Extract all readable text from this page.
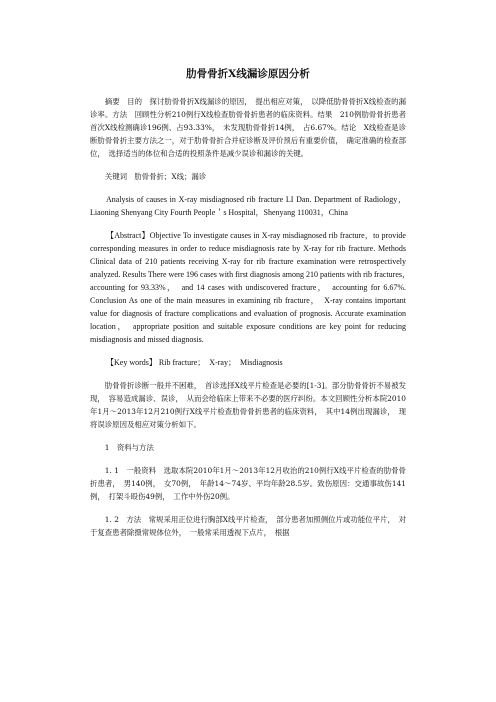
肋骨骨折X线漏诊原因分析

摘要　目的　探讨肋骨骨折X线漏诊的原因，　提出相应对策，　以降低肋骨骨折X线检查的漏诊率。方法　回顾性分析210例行X线检查肋骨骨折患者的临床资料。结果　210例肋骨骨折患者首次X线检测确诊196例、占93.33%，　未发现肋骨骨折14例，　占6.67%。结论　X线检查是诊断肋骨骨折主要方法之一，对于肋骨骨折合并症诊断及评价预后有重要价值，　确定准确的检查部位，　选择适当的体位和合适的投照条件是减少误诊和漏诊的关键。

关键词　肋骨骨折；X线；漏诊

Analysis of causes in X-ray misdiagnosed rib fracture LI Dan. Department of Radiology，Liaoning Shenyang City Fourth People＇s Hospital，Shenyang 110031，China

【Abstract】Objective To investigate causes in X-ray misdiagnosed rib fracture，to provide corresponding measures in order to reduce misdiagnosis rate by X-ray for rib fracture. Methods Clinical data of 210 patients receiving X-ray for rib fracture examination were retrospectively analyzed. Results There were 196 cases with first diagnosis among 210 patients with rib fractures，　accounting for 93.33%，　and 14 cases with undiscovered fracture，　accounting for 6.67%. Conclusion As one of the main measures in examining rib fracture，　X-ray contains important value for diagnosis of fracture complications and evaluation of prognosis. Accurate examination location，　appropriate position and suitable exposure conditions are key point for reducing misdiagnosis and missed diagnosis.

【Key words】 Rib fracture；　X-ray；　Misdiagnosis

肋骨骨折诊断一般并不困难，　首诊选择X线平片检查是必要的[1-3]。部分肋骨骨折不易被发现，　容易造成漏诊、误诊，　从而会给临床上带来不必要的医疗纠纷。本文回顾性分析本院2010年1月～2013年12月210例行X线平片检查肋骨骨折患者的临床资料，　其中14例出现漏诊，　现将误诊原因及相应对策分析如下。

1　资料与方法

1. 1　一般资料　选取本院2010年1月～2013年12月收治的210例行X线平片检查的肋骨骨折患者，　男140例，　女70例，　年龄14～74岁、平均年龄28.5岁。致伤原因：交通事故伤141例，　打架斗殴伤49例，　工作中外伤20例。

1. 2　方法　常规采用正位进行胸部X线平片检查，　部分患者加照侧位片或功能位平片，　对于复查患者除摄常规体位外，　一般常采用透视下点片，　根据
